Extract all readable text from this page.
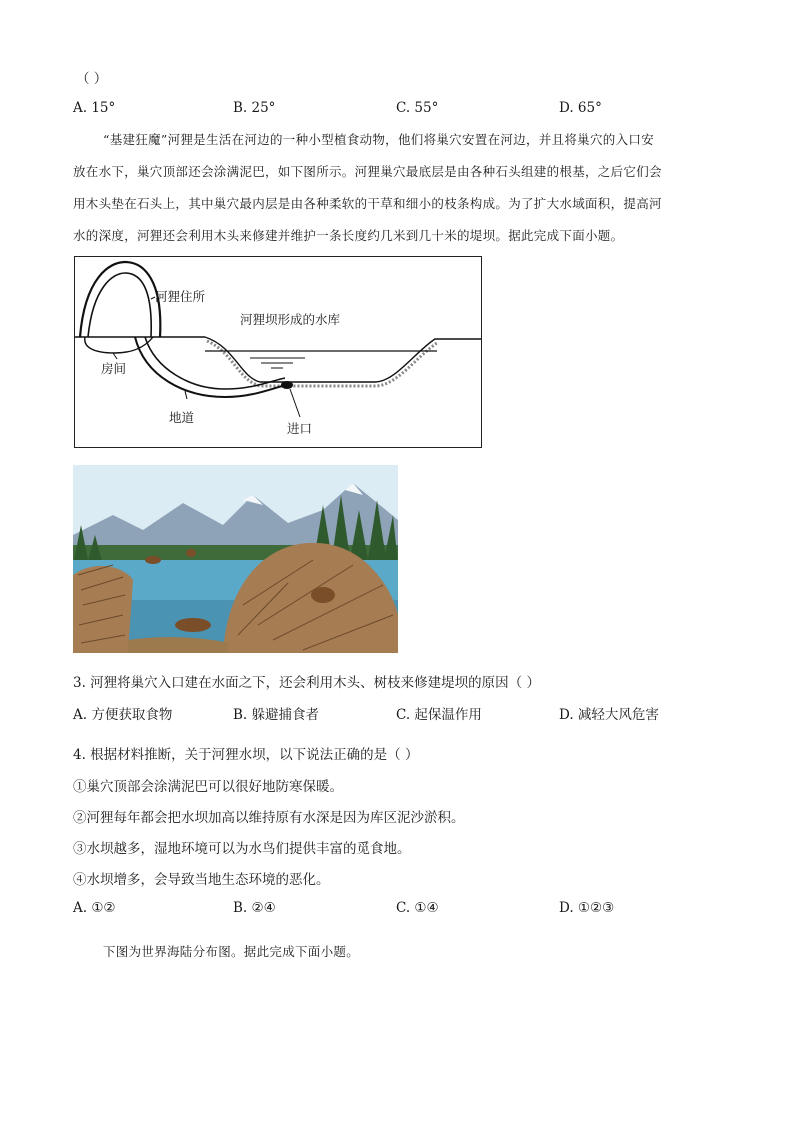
（ ）
A. 15°	B. 25°	C. 55°	D. 65°
“基建狂魔”河狸是生活在河边的一种小型植食动物，他们将巢穴安置在河边，并且将巢穴的入口安
放在水下，巢穴顶部还会涂满泥巴，如下图所示。河狸巢穴最底层是由各种石头组建的根基，之后它们会
用木头垫在石头上，其中巢穴最内层是由各种柔软的干草和细小的枝条构成。为了扩大水域面积，提高河
水的深度，河狸还会利用木头来修建并维护一条长度约几米到几十米的堤坝。据此完成下面小题。
河狸住所
河狸坝形成的水库
房间
地道
进口
3. 河狸将巢穴入口建在水面之下，还会利用木头、树枝来修建堤坝的原因（ ）
A. 方便获取食物	B. 躲避捕食者	C. 起保温作用	D. 减轻大风危害
4. 根据材料推断，关于河狸水坝，以下说法正确的是（ ）
①巢穴顶部会涂满泥巴可以很好地防寒保暖。
②河狸每年都会把水坝加高以维持原有水深是因为库区泥沙淤积。
③水坝越多，湿地环境可以为水鸟们提供丰富的觅食地。
④水坝增多，会导致当地生态环境的恶化。
A. ①②	B. ②④	C. ①④	D. ①②③
下图为世界海陆分布图。据此完成下面小题。
